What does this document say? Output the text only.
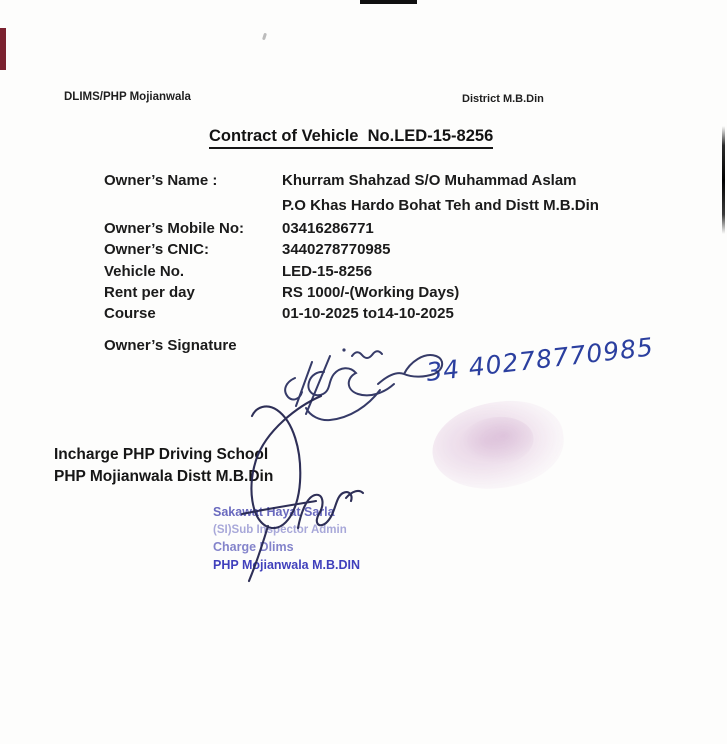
DLIMS/PHP Mojianwala	District M.B.Din
Contract of Vehicle  No.LED-15-8256
Owner’s Name :	Khurram Shahzad S/O Muhammad Aslam
P.O Khas Hardo Bohat Teh and Distt M.B.Din
Owner’s Mobile No:	03416286771
Owner’s CNIC:	3440278770985
Vehicle No.	LED-15-8256
Rent per day	RS 1000/-(Working Days)
Course	01-10-2025 to14-10-2025
Owner’s Signature	34 40278770985
Incharge PHP Driving School
PHP Mojianwala Distt M.B.Din
Sakawat Hayat Sarla
(SI)Sub Inspector Admin
Charge Dlims
PHP Mojianwala M.B.DIN
